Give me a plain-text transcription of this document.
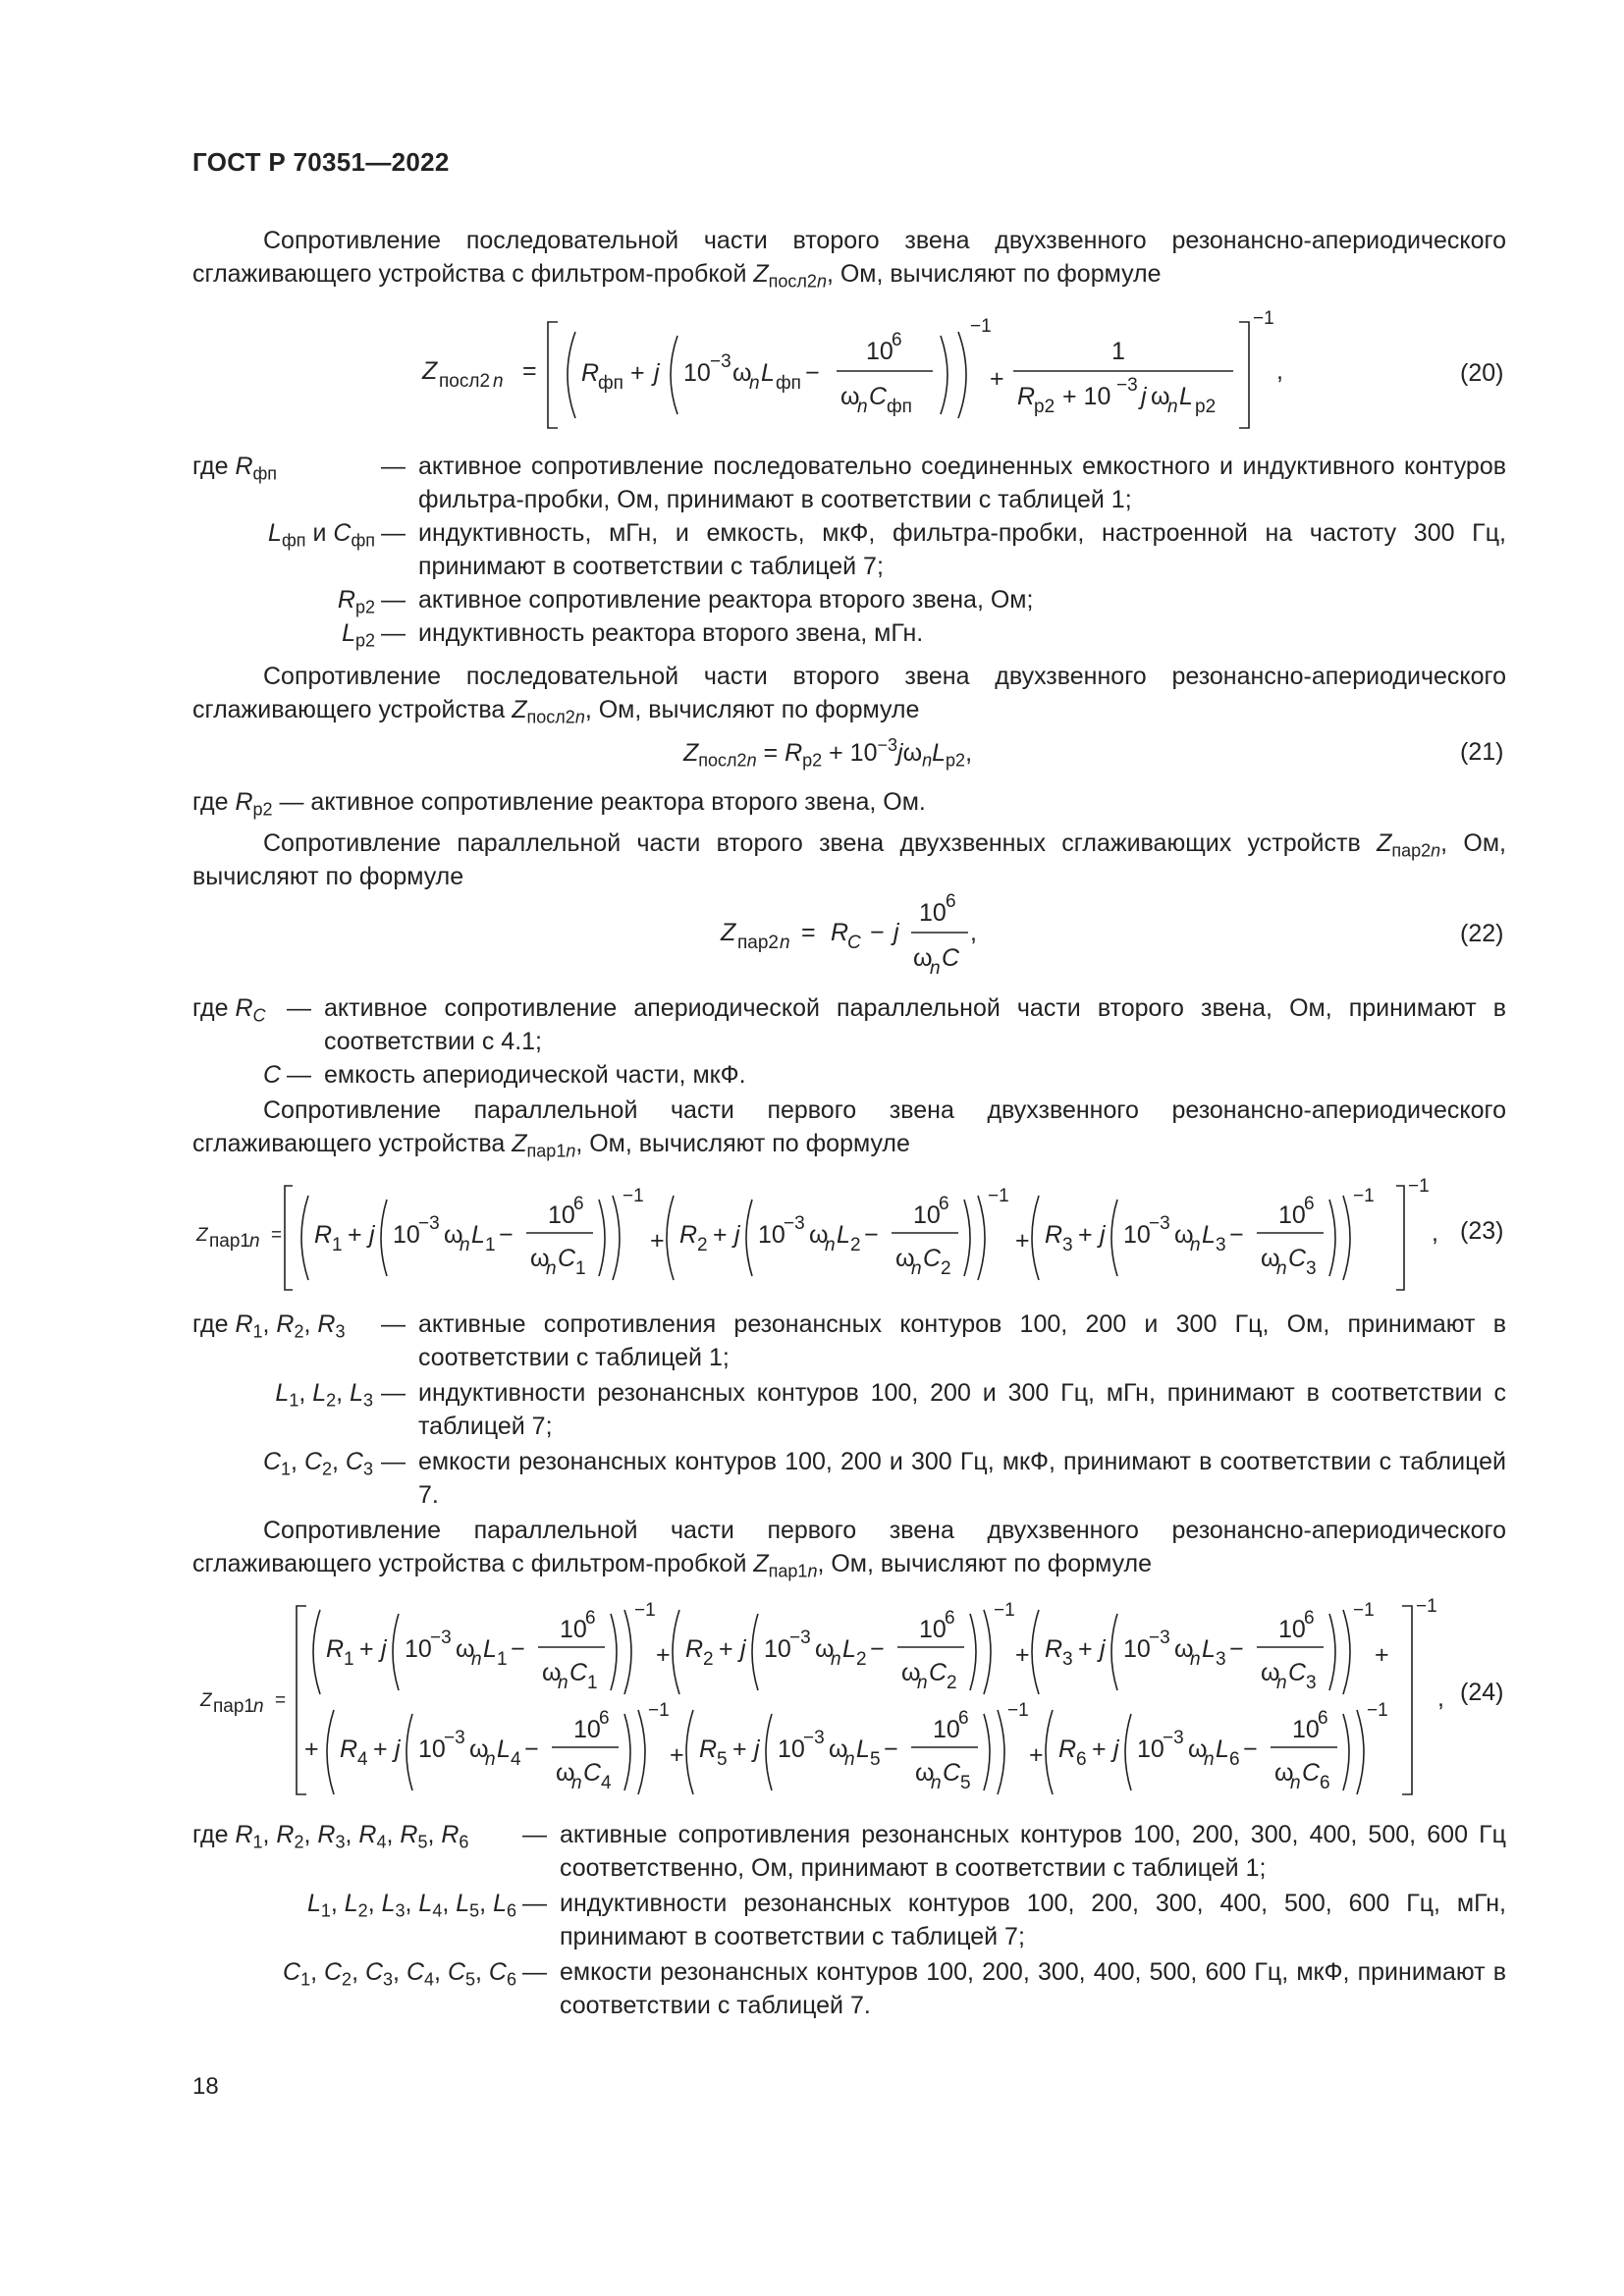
ГОСТ Р 70351—2022
Сопротивление последовательной части второго звена двухзвенного резонансно-апериодического сглаживающего устройства с фильтром-пробкой $Z_{посл2n}$, Ом, вычисляют по формуле
Z посл2 n = R
фп + j 10 −3 ω
n L фп −
10
6
ω
n C фп
−1
+
1
R
р2 + 10 −3 j ω
n L р2
−1
,	(20)
где $R_{фп}$	— активное сопротивление последовательно соединенных емкостного и индуктивного контуров фильтра-пробки, Ом, принимают в соответствии с таблицей 1;
$L_{фп}$ и $C_{фп}$ — индуктивность, мГн, и емкость, мкФ, фильтра-пробки, настроенной на частоту 300 Гц, принимают в соответствии с таблицей 7;
$R_{р2}$ — активное сопротивление реактора второго звена, Ом;
$L_{р2}$ — индуктивность реактора второго звена, мГн.
Сопротивление последовательной части второго звена двухзвенного резонансно-апериодического сглаживающего устройства $Z_{посл2n}$, Ом, вычисляют по формуле
$Z_{посл2n} = R_{р2} + 10^{-3}j\omega_nL_{р2}$,	(21)
где $R_{р2}$ — активное сопротивление реактора второго звена, Ом.
Сопротивление параллельной части второго звена двухзвенных сглаживающих устройств $Z_{пар2n}$, Ом, вычисляют по формуле
Z пар2 n = R
C − j
10 6
ω
n C
,	(22)
где $R_C$ — активное сопротивление апериодической параллельной части второго звена, Ом, принимают в соответствии с 4.1;
C — емкость апериодической части, мкФ.
Сопротивление параллельной части первого звена двухзвенного резонансно-апериодического сглаживающего устройства $Z_{пар1n}$, Ом, вычисляют по формуле
Z пар1 n = R 1 + j 10
−3 ω
n L 1 −
10
6
ω
n C 1
−1
+ R 2 + j 10
−3 ω
n L 2 −
10
6
ω
n C 2
−1
+ R 3 + j 10
−3 ω
n L 3 −
10
6
ω
n C 3
−1 −1
, (23)
где $R_1$, $R_2$, $R_3$ — активные сопротивления резонансных контуров 100, 200 и 300 Гц, Ом, принимают в соответствии с таблицей 1;
$L_1$, $L_2$, $L_3$ — индуктивности резонансных контуров 100, 200 и 300 Гц, мГн, принимают в соответствии с таблицей 7;
$C_1$, $C_2$, $C_3$ — емкости резонансных контуров 100, 200 и 300 Гц, мкФ, принимают в соответствии с таблицей 7.
Сопротивление параллельной части первого звена двухзвенного резонансно-апериодического сглаживающего устройства с фильтром-пробкой $Z_{пар1n}$, Ом, вычисляют по формуле
Z пар1 n =
R 1 + j 10
−3 ω
n L 1 −
10
6
ω
n C 1
−1
+ R 2 + j 10
−3 ω
n L 2 −
10
6
ω
n C 2
−1
+ R 3 + j 10
−3 ω
n L 3 −
10
6
ω
n C 3
−1
+
+ R 4 + j 10
−3 ω
n L 4 −
10
6
ω
n C 4
−1
+ R 5 + j 10
−3 ω
n L 5 −
10
6
ω
n C 5
−1
+ R 6 + j 10
−3 ω
n L 6 −
10
6
ω
n C 6
−1
−1
, (24)
где $R_1$, $R_2$, $R_3$, $R_4$, $R_5$, $R_6$ — активные сопротивления резонансных контуров 100, 200, 300, 400, 500, 600 Гц соответственно, Ом, принимают в соответствии с таблицей 1;
$L_1$, $L_2$, $L_3$, $L_4$, $L_5$, $L_6$ — индуктивности резонансных контуров 100, 200, 300, 400, 500, 600 Гц, мГн, принимают в соответствии с таблицей 7;
$C_1$, $C_2$, $C_3$, $C_4$, $C_5$, $C_6$ — емкости резонансных контуров 100, 200, 300, 400, 500, 600 Гц, мкФ, принимают в соответствии с таблицей 7.
18
